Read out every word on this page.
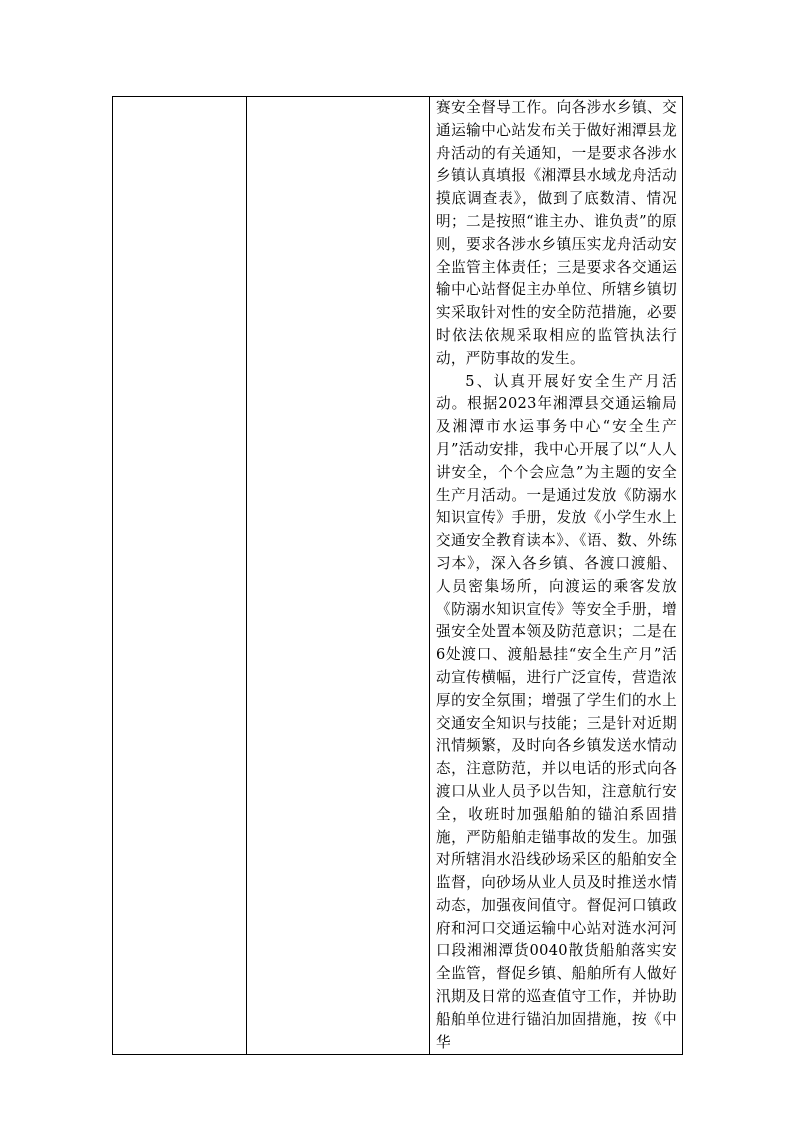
赛安全督导工作。向各涉水乡镇、交通运输中心站发布关于做好湘潭县龙舟活动的有关通知，一是要求各涉水乡镇认真填报《湘潭县水域龙舟活动摸底调查表》，做到了底数清、情况明；二是按照“谁主办、谁负责”的原则，要求各涉水乡镇压实龙舟活动安全监管主体责任；三是要求各交通运输中心站督促主办单位、所辖乡镇切实采取针对性的安全防范措施，必要时依法依规采取相应的监管执法行动，严防事故的发生。

5、认真开展好安全生产月活动。根据2023年湘潭县交通运输局及湘潭市水运事务中心“安全生产月”活动安排，我中心开展了以“人人讲安全，个个会应急”为主题的安全生产月活动。一是通过发放《防溺水知识宣传》手册，发放《小学生水上交通安全教育读本》、《语、数、外练习本》，深入各乡镇、各渡口渡船、人员密集场所，向渡运的乘客发放《防溺水知识宣传》等安全手册，增强安全处置本领及防范意识；二是在6处渡口、渡船悬挂“安全生产月”活动宣传横幅，进行广泛宣传，营造浓厚的安全氛围；增强了学生们的水上交通安全知识与技能；三是针对近期汛情频繁，及时向各乡镇发送水情动态，注意防范，并以电话的形式向各渡口从业人员予以告知，注意航行安全，收班时加强船舶的锚泊系固措施，严防船舶走锚事故的发生。加强对所辖涓水沿线砂场采区的船舶安全监督，向砂场从业人员及时推送水情动态，加强夜间值守。督促河口镇政府和河口交通运输中心站对涟水河河口段湘湘潭货0040散货船舶落实安全监管，督促乡镇、船舶所有人做好汛期及日常的巡查值守工作，并协助船舶单位进行锚泊加固措施，按《中华
